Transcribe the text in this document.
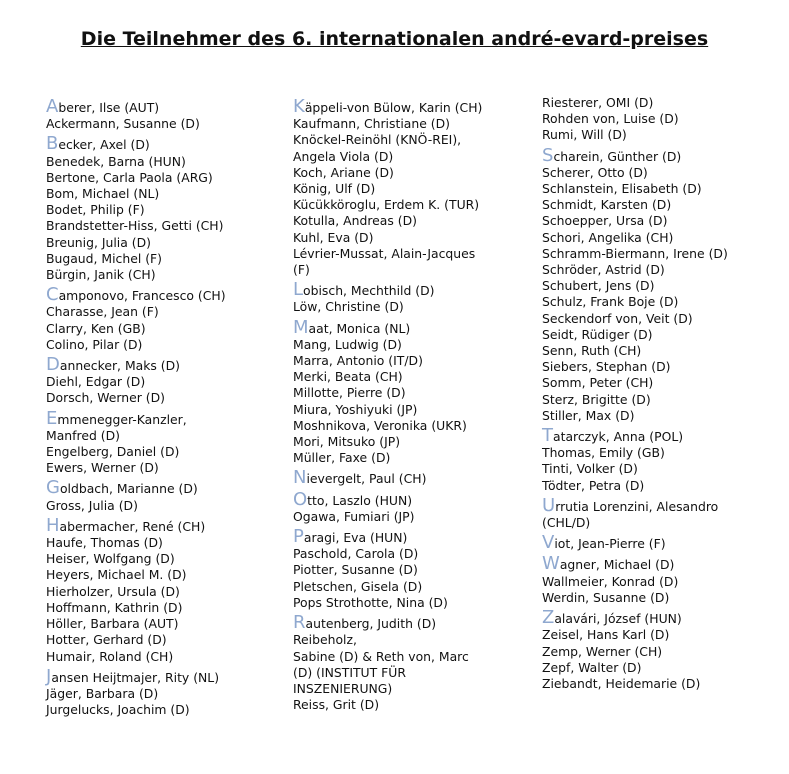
Die Teilnehmer des 6. internationalen andré-evard-preises
Aberer, Ilse (AUT)
Ackermann, Susanne (D)
Becker, Axel (D)
Benedek, Barna (HUN)
Bertone, Carla Paola (ARG)
Bom, Michael (NL)
Bodet, Philip (F)
Brandstetter-Hiss, Getti (CH)
Breunig, Julia (D)
Bugaud, Michel (F)
Bürgin, Janik (CH)
Camponovo, Francesco (CH)
Charasse, Jean (F)
Clarry, Ken (GB)
Colino, Pilar (D)
Dannecker, Maks (D)
Diehl, Edgar (D)
Dorsch, Werner (D)
Emmenegger-Kanzler,
Manfred (D)
Engelberg, Daniel (D)
Ewers, Werner (D)
Goldbach, Marianne (D)
Gross, Julia (D)
Habermacher, René (CH)
Haufe, Thomas (D)
Heiser, Wolfgang (D)
Heyers, Michael M. (D)
Hierholzer, Ursula (D)
Hoffmann, Kathrin (D)
Höller, Barbara (AUT)
Hotter, Gerhard (D)
Humair, Roland (CH)
Jansen Heijtmajer, Rity (NL)
Jäger, Barbara (D)
Jurgelucks, Joachim (D)
Käppeli-von Bülow, Karin (CH)
Kaufmann, Christiane (D)
Knöckel-Reinöhl (KNÖ-REI),
Angela Viola (D)
Koch, Ariane (D)
König, Ulf (D)
Kücükköroglu, Erdem K. (TUR)
Kotulla, Andreas (D)
Kuhl, Eva (D)
Lévrier-Mussat, Alain-Jacques
(F)
Lobisch, Mechthild (D)
Löw, Christine (D)
Maat, Monica (NL)
Mang, Ludwig (D)
Marra, Antonio (IT/D)
Merki, Beata (CH)
Millotte, Pierre (D)
Miura, Yoshiyuki (JP)
Moshnikova, Veronika (UKR)
Mori, Mitsuko (JP)
Müller, Faxe (D)
Nievergelt, Paul (CH)
Otto, Laszlo (HUN)
Ogawa, Fumiari (JP)
Paragi, Eva (HUN)
Paschold, Carola (D)
Piotter, Susanne (D)
Pletschen, Gisela (D)
Pops Strothotte, Nina (D)
Rautenberg, Judith (D)
Reibeholz,
Sabine (D) & Reth von, Marc
(D) (INSTITUT FÜR
INSZENIERUNG)
Reiss, Grit (D)
Riesterer, OMI (D)
Rohden von, Luise (D)
Rumi, Will (D)
Scharein, Günther (D)
Scherer, Otto (D)
Schlanstein, Elisabeth (D)
Schmidt, Karsten (D)
Schoepper, Ursa (D)
Schori, Angelika (CH)
Schramm-Biermann, Irene (D)
Schröder, Astrid (D)
Schubert, Jens (D)
Schulz, Frank Boje (D)
Seckendorf von, Veit (D)
Seidt, Rüdiger (D)
Senn, Ruth (CH)
Siebers, Stephan (D)
Somm, Peter (CH)
Sterz, Brigitte (D)
Stiller, Max (D)
Tatarczyk, Anna (POL)
Thomas, Emily (GB)
Tinti, Volker (D)
Tödter, Petra (D)
Urrutia Lorenzini, Alesandro
(CHL/D)
Viot, Jean-Pierre (F)
Wagner, Michael (D)
Wallmeier, Konrad (D)
Werdin, Susanne (D)
Zalavári, József (HUN)
Zeisel, Hans Karl (D)
Zemp, Werner (CH)
Zepf, Walter (D)
Ziebandt, Heidemarie (D)
